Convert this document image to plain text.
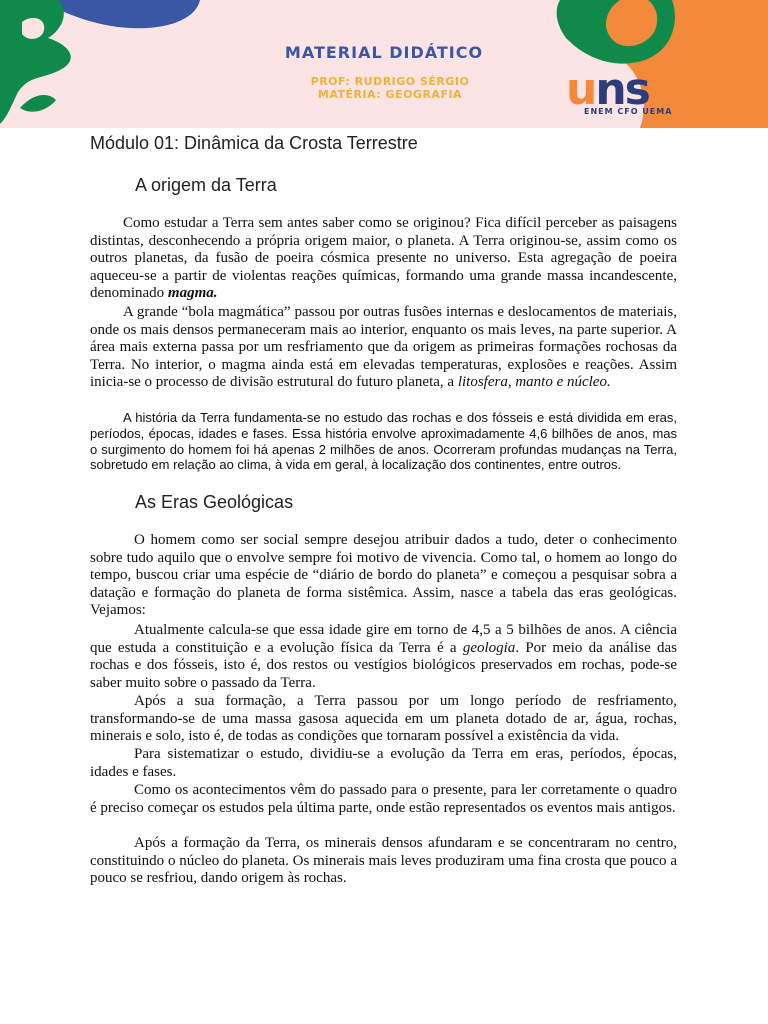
MATERIAL DIDÁTICO
PROF: RUDRIGO SÉRGIO
MATÉRIA: GEOGRAFIA	uns
ENEM CFO UEMA
Módulo 01: Dinâmica da Crosta Terrestre
A origem da Terra

Como estudar a Terra sem antes saber como se originou? Fica difícil perceber as paisagens distintas, desconhecendo a própria origem maior, o planeta. A Terra originou-se, assim como os outros planetas, da fusão de poeira cósmica presente no universo. Esta agregação de poeira aqueceu-se a partir de violentas reações químicas, formando uma grande massa incandescente, denominado magma.

A grande “bola magmática” passou por outras fusões internas e deslocamentos de materiais, onde os mais densos permaneceram mais ao interior, enquanto os mais leves, na parte superior. A área mais externa passa por um resfriamento que da origem as primeiras formações rochosas da Terra. No interior, o magma ainda está em elevadas temperaturas, explosões e reações. Assim inicia-se o processo de divisão estrutural do futuro planeta, a litosfera, manto e núcleo.

A história da Terra fundamenta-se no estudo das rochas e dos fósseis e está dividida em eras, períodos, épocas, idades e fases. Essa história envolve aproximadamente 4,6 bilhões de anos, mas o surgimento do homem foi há apenas 2 milhões de anos. Ocorreram profundas mudanças na Terra, sobretudo em relação ao clima, à vida em geral, à localização dos continentes, entre outros.

As Eras Geológicas

O homem como ser social sempre desejou atribuir dados a tudo, deter o conhecimento sobre tudo aquilo que o envolve sempre foi motivo de vivencia. Como tal, o homem ao longo do tempo, buscou criar uma espécie de “diário de bordo do planeta” e começou a pesquisar sobra a datação e formação do planeta de forma sistêmica. Assim, nasce a tabela das eras geológicas. Vejamos:

Atualmente calcula-se que essa idade gire em torno de 4,5 a 5 bilhões de anos. A ciência que estuda a constituição e a evolução física da Terra é a geologia. Por meio da análise das rochas e dos fósseis, isto é, dos restos ou vestígios biológicos preservados em rochas, pode-se saber muito sobre o passado da Terra.

Após a sua formação, a Terra passou por um longo período de resfriamento, transformando-se de uma massa gasosa aquecida em um planeta dotado de ar, água, rochas, minerais e solo, isto é, de todas as condições que tornaram possível a existência da vida.

Para sistematizar o estudo, dividiu-se a evolução da Terra em eras, períodos, épocas, idades e fases.

Como os acontecimentos vêm do passado para o presente, para ler corretamente o quadro é preciso começar os estudos pela última parte, onde estão representados os eventos mais antigos.

Após a formação da Terra, os minerais densos afundaram e se concentraram no centro, constituindo o núcleo do planeta. Os minerais mais leves produziram uma fina crosta que pouco a pouco se resfriou, dando origem às rochas.
